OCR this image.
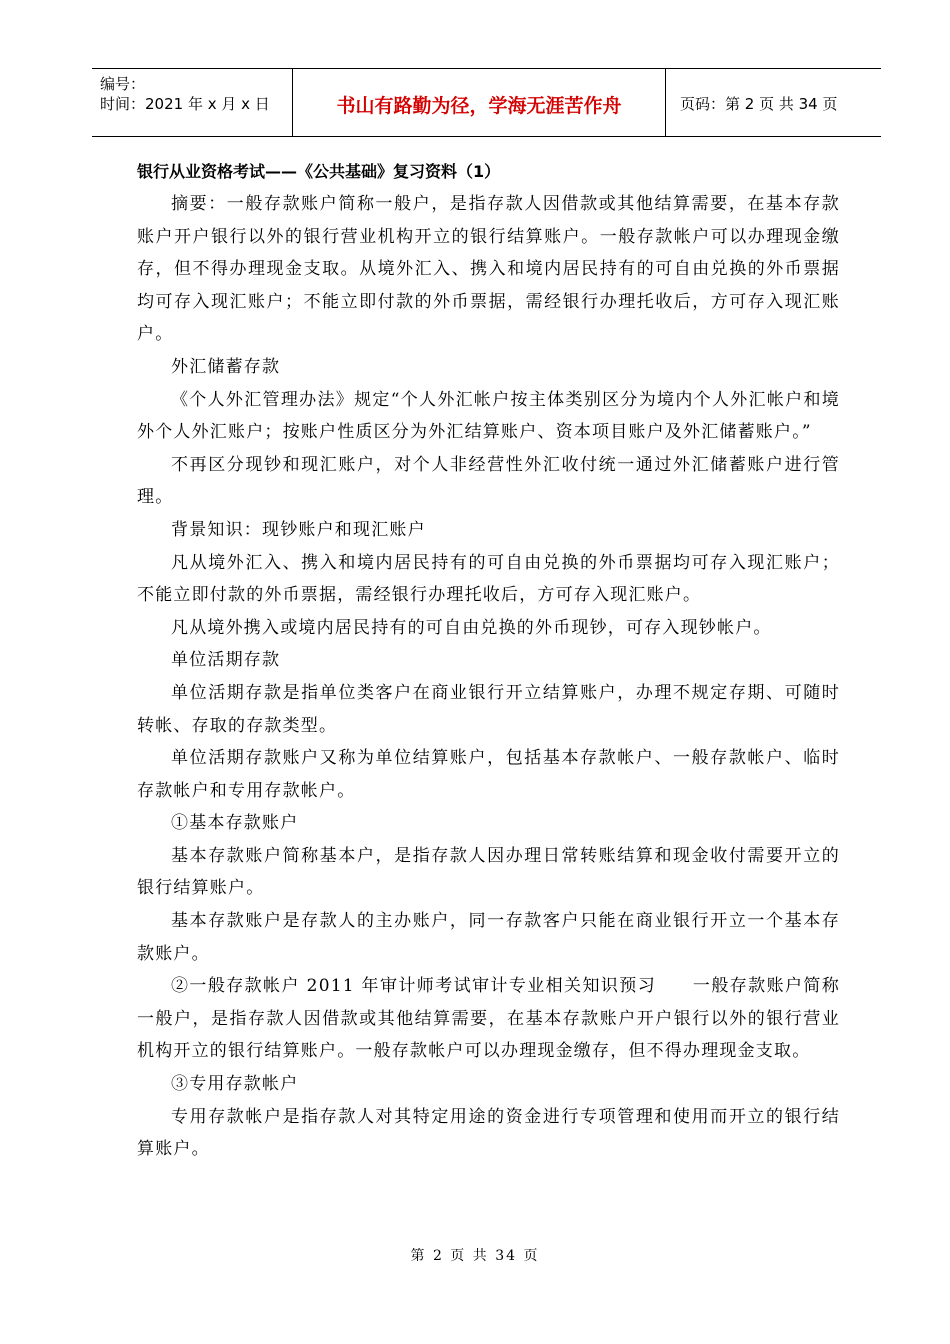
编号：
时间：2021 年 x 月 x 日	书山有路勤为径，学海无涯苦作舟	页码：第 2 页 共 34 页
银行从业资格考试——《公共基础》复习资料（1）

摘要：一般存款账户简称一般户，是指存款人因借款或其他结算需要，在基本存款账户开户银行以外的银行营业机构开立的银行结算账户。一般存款帐户可以办理现金缴存，但不得办理现金支取。从境外汇入、携入和境内居民持有的可自由兑换的外币票据均可存入现汇账户；不能立即付款的外币票据，需经银行办理托收后，方可存入现汇账户。

外汇储蓄存款

《个人外汇管理办法》规定“个人外汇帐户按主体类别区分为境内个人外汇帐户和境外个人外汇账户；按账户性质区分为外汇结算账户、资本项目账户及外汇储蓄账户。”

不再区分现钞和现汇账户，对个人非经营性外汇收付统一通过外汇储蓄账户进行管理。

背景知识：现钞账户和现汇账户

凡从境外汇入、携入和境内居民持有的可自由兑换的外币票据均可存入现汇账户；不能立即付款的外币票据，需经银行办理托收后，方可存入现汇账户。

凡从境外携入或境内居民持有的可自由兑换的外币现钞，可存入现钞帐户。

单位活期存款

单位活期存款是指单位类客户在商业银行开立结算账户，办理不规定存期、可随时转帐、存取的存款类型。

单位活期存款账户又称为单位结算账户，包括基本存款帐户、一般存款帐户、临时存款帐户和专用存款帐户。

①基本存款账户

基本存款账户简称基本户，是指存款人因办理日常转账结算和现金收付需要开立的银行结算账户。

基本存款账户是存款人的主办账户，同一存款客户只能在商业银行开立一个基本存款账户。

②一般存款帐户 2011 年审计师考试审计专业相关知识预习　　一般存款账户简称一般户，是指存款人因借款或其他结算需要，在基本存款账户开户银行以外的银行营业机构开立的银行结算账户。一般存款帐户可以办理现金缴存，但不得办理现金支取。

③专用存款帐户

专用存款帐户是指存款人对其特定用途的资金进行专项管理和使用而开立的银行结算账户。

第 2 页 共 34 页
